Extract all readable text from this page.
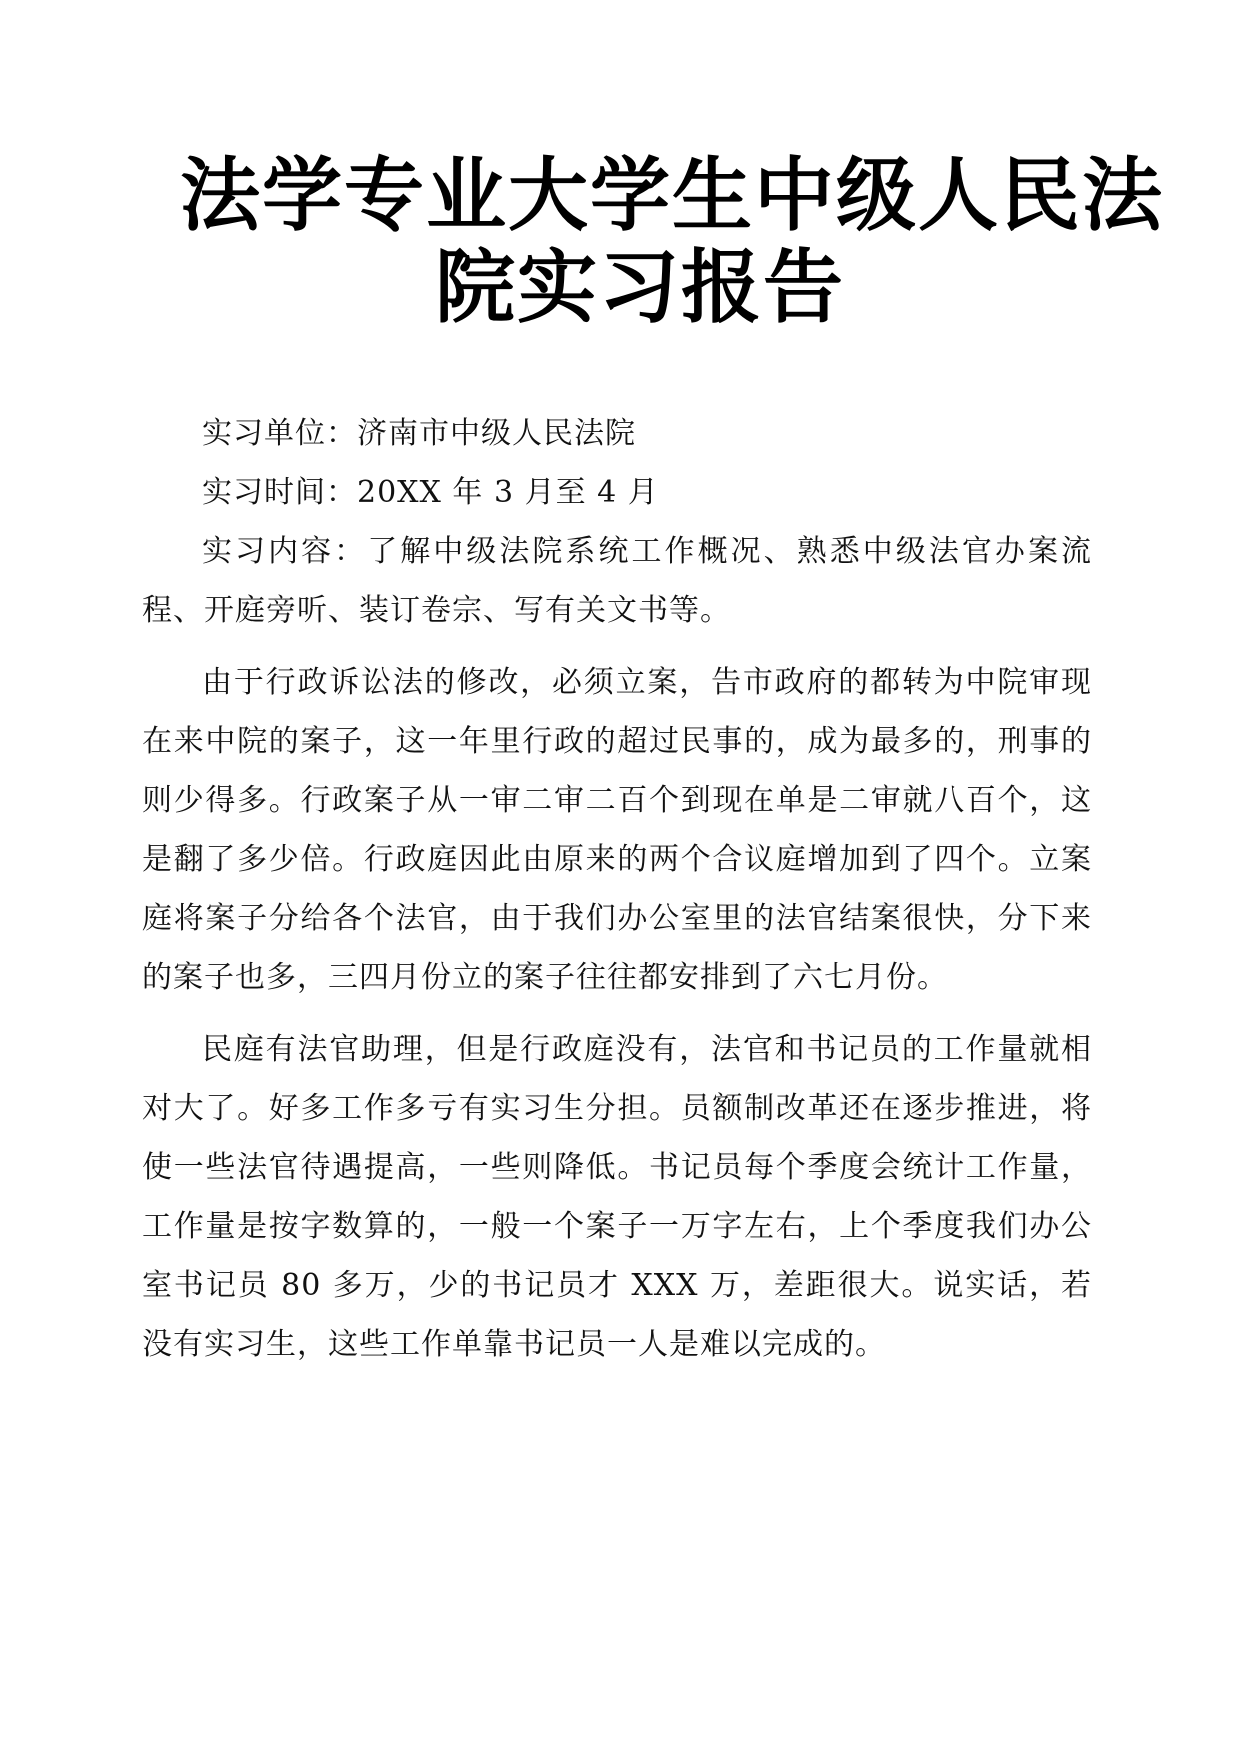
法学专业大学生中级人民法
院实习报告

实习单位：济南市中级人民法院

实习时间：20XX 年 3 月至 4 月

实习内容：了解中级法院系统工作概况、熟悉中级法官办案流程、开庭旁听、装订卷宗、写有关文书等。

由于行政诉讼法的修改，必须立案，告市政府的都转为中院审现在来中院的案子，这一年里行政的超过民事的，成为最多的，刑事的则少得多。行政案子从一审二审二百个到现在单是二审就八百个，这是翻了多少倍。行政庭因此由原来的两个合议庭增加到了四个。立案庭将案子分给各个法官，由于我们办公室里的法官结案很快，分下来的案子也多，三四月份立的案子往往都安排到了六七月份。

民庭有法官助理，但是行政庭没有，法官和书记员的工作量就相对大了。好多工作多亏有实习生分担。员额制改革还在逐步推进，将使一些法官待遇提高，一些则降低。书记员每个季度会统计工作量，工作量是按字数算的，一般一个案子一万字左右，上个季度我们办公室书记员 80 多万，少的书记员才 XXX 万，差距很大。说实话，若没有实习生，这些工作单靠书记员一人是难以完成的。
